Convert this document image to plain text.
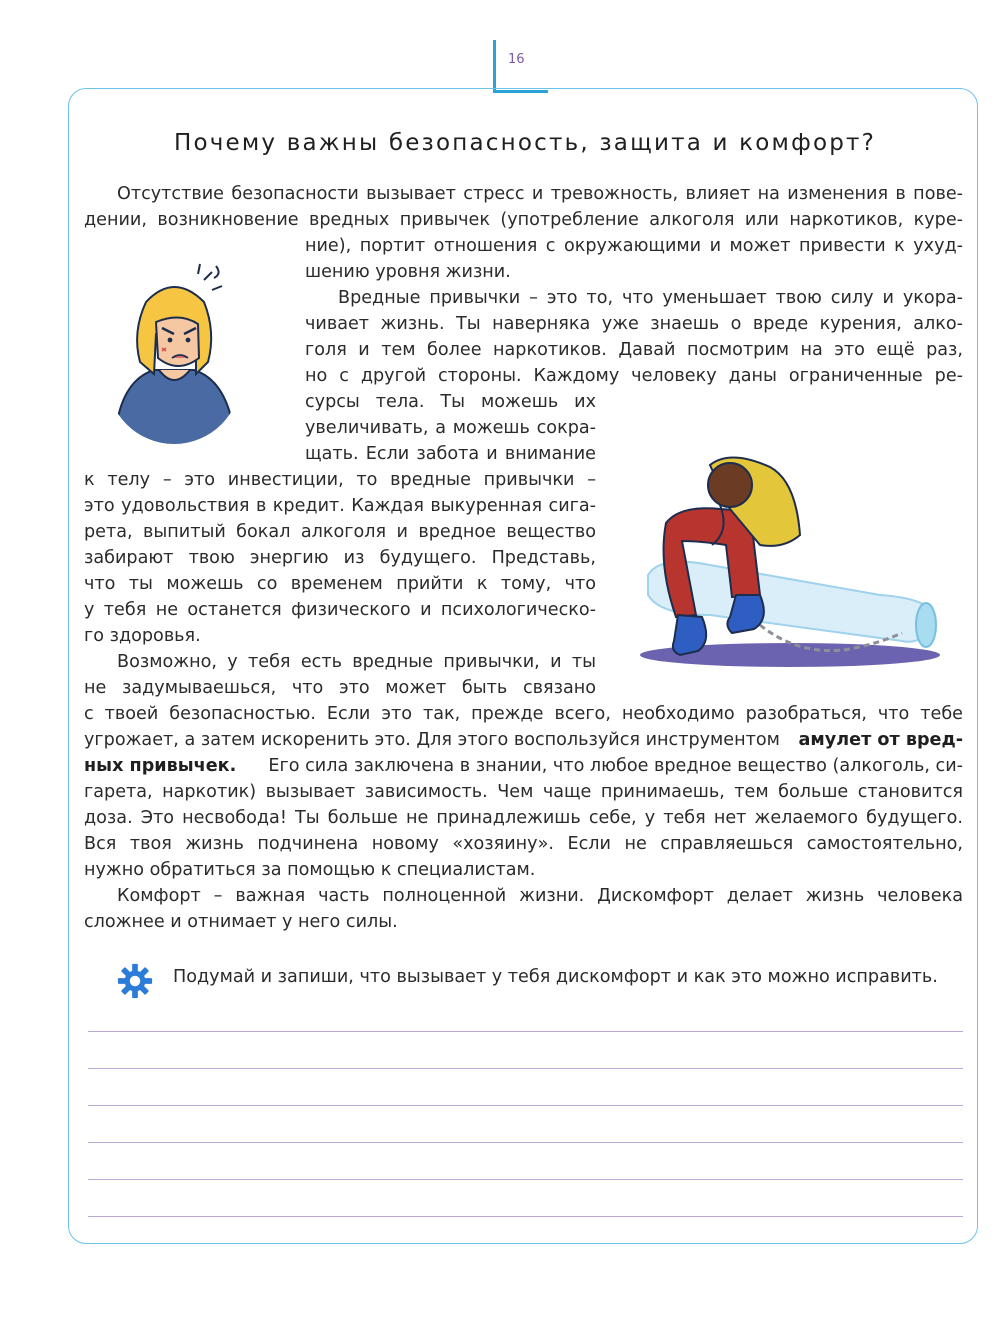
16
Почему важны безопасность, защита и комфорт?
Отсутствие безопасности вызывает стресс и тревожность, влияет на изменения в пове-
дении, возникновение вредных привычек (употребление алкоголя или наркотиков, куре-
ние), портит отношения с окружающими и может привести к ухуд-
шению уровня жизни.
Вредные привычки – это то, что уменьшает твою силу и укора-
чивает жизнь. Ты наверняка уже знаешь о вреде курения, алко-
голя и тем более наркотиков. Давай посмотрим на это ещё раз,
но с другой стороны. Каждому человеку даны ограниченные ре-
сурсы тела. Ты можешь их
увеличивать, а можешь сокра-
щать. Если забота и внимание
к телу – это инвестиции, то вредные привычки –
это удовольствия в кредит. Каждая выкуренная сига-
рета, выпитый бокал алкоголя и вредное вещество
забирают твою энергию из будущего. Представь,
что ты можешь со временем прийти к тому, что
у тебя не останется физического и психологическо-
го здоровья.
Возможно, у тебя есть вредные привычки, и ты
не задумываешься, что это может быть связано
с твоей безопасностью. Если это так, прежде всего, необходимо разобраться, что тебе
угрожает, а затем искоренить это. Для этого воспользуйся инструментом амулет от вред-
ных привычек. Его сила заключена в знании, что любое вредное вещество (алкоголь, си-
гарета, наркотик) вызывает зависимость. Чем чаще принимаешь, тем больше становится
доза. Это несвобода! Ты больше не принадлежишь себе, у тебя нет желаемого будущего.
Вся твоя жизнь подчинена новому «хозяину». Если не справляешься самостоятельно,
нужно обратиться за помощью к специалистам.
Комфорт – важная часть полноценной жизни. Дискомфорт делает жизнь человека
сложнее и отнимает у него силы.
Подумай и запиши, что вызывает у тебя дискомфорт и как это можно исправить.
